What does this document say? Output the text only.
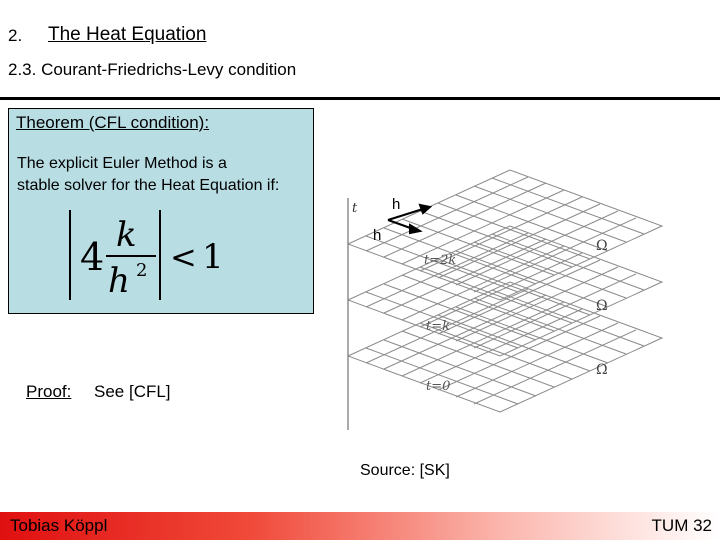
2. The Heat Equation
2.3. Courant-Friedrichs-Levy condition
Theorem (CFL condition):
The explicit Euler Method is a
stable solver for the Heat Equation if:
4 k
h 2 < 1
t h
h
t=2k
t=k
t=0
Ω
Ω
Ω
Proof: See [CFL]
Source: [SK]
Tobias Köppl	TUM 32
